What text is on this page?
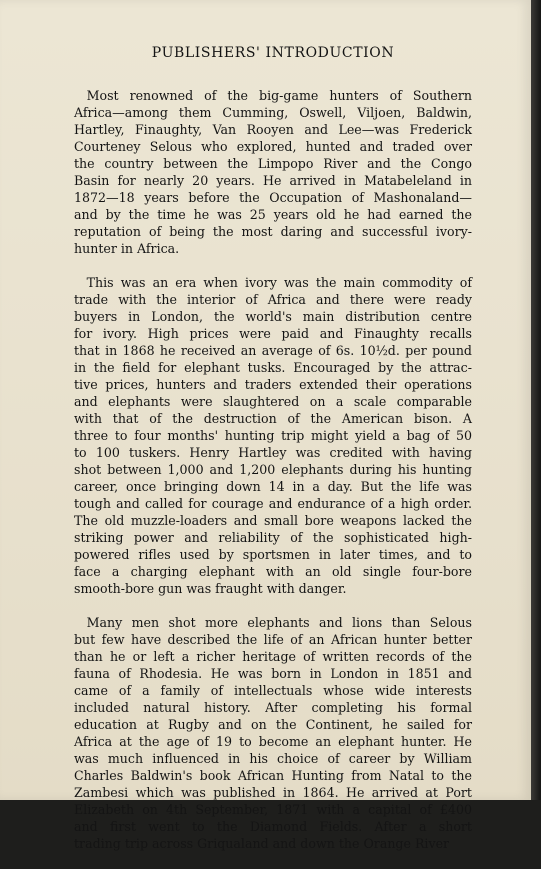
PUBLISHERS' INTRODUCTION

 Most renowned of the big-game hunters of Southern
Africa—among them Cumming, Oswell, Viljoen, Baldwin,
Hartley, Finaughty, Van Rooyen and Lee—was Frederick
Courteney Selous who explored, hunted and traded over
the country between the Limpopo River and the Congo
Basin for nearly 20 years. He arrived in Matabeleland in
1872—18 years before the Occupation of Mashonaland—
and by the time he was 25 years old he had earned the
reputation of being the most daring and successful ivory-
hunter in Africa.

 This was an era when ivory was the main commodity of
trade with the interior of Africa and there were ready
buyers in London, the world's main distribution centre
for ivory. High prices were paid and Finaughty recalls
that in 1868 he received an average of 6s. 10½d. per pound
in the field for elephant tusks. Encouraged by the attrac-
tive prices, hunters and traders extended their operations
and elephants were slaughtered on a scale comparable
with that of the destruction of the American bison. A
three to four months' hunting trip might yield a bag of 50
to 100 tuskers. Henry Hartley was credited with having
shot between 1,000 and 1,200 elephants during his hunting
career, once bringing down 14 in a day. But the life was
tough and called for courage and endurance of a high order.
The old muzzle-loaders and small bore weapons lacked the
striking power and reliability of the sophisticated high-
powered rifles used by sportsmen in later times, and to
face a charging elephant with an old single four-bore
smooth-bore gun was fraught with danger.

 Many men shot more elephants and lions than Selous
but few have described the life of an African hunter better
than he or left a richer heritage of written records of the
fauna of Rhodesia. He was born in London in 1851 and
came of a family of intellectuals whose wide interests
included natural history. After completing his formal
education at Rugby and on the Continent, he sailed for
Africa at the age of 19 to become an elephant hunter. He
was much influenced in his choice of career by William
Charles Baldwin's book African Hunting from Natal to the
Zambesi which was published in 1864. He arrived at Port
Elizabeth on 4th September, 1871 with a capital of £400
and first went to the Diamond Fields. After a short
trading trip across Griqualand and down the Orange River
